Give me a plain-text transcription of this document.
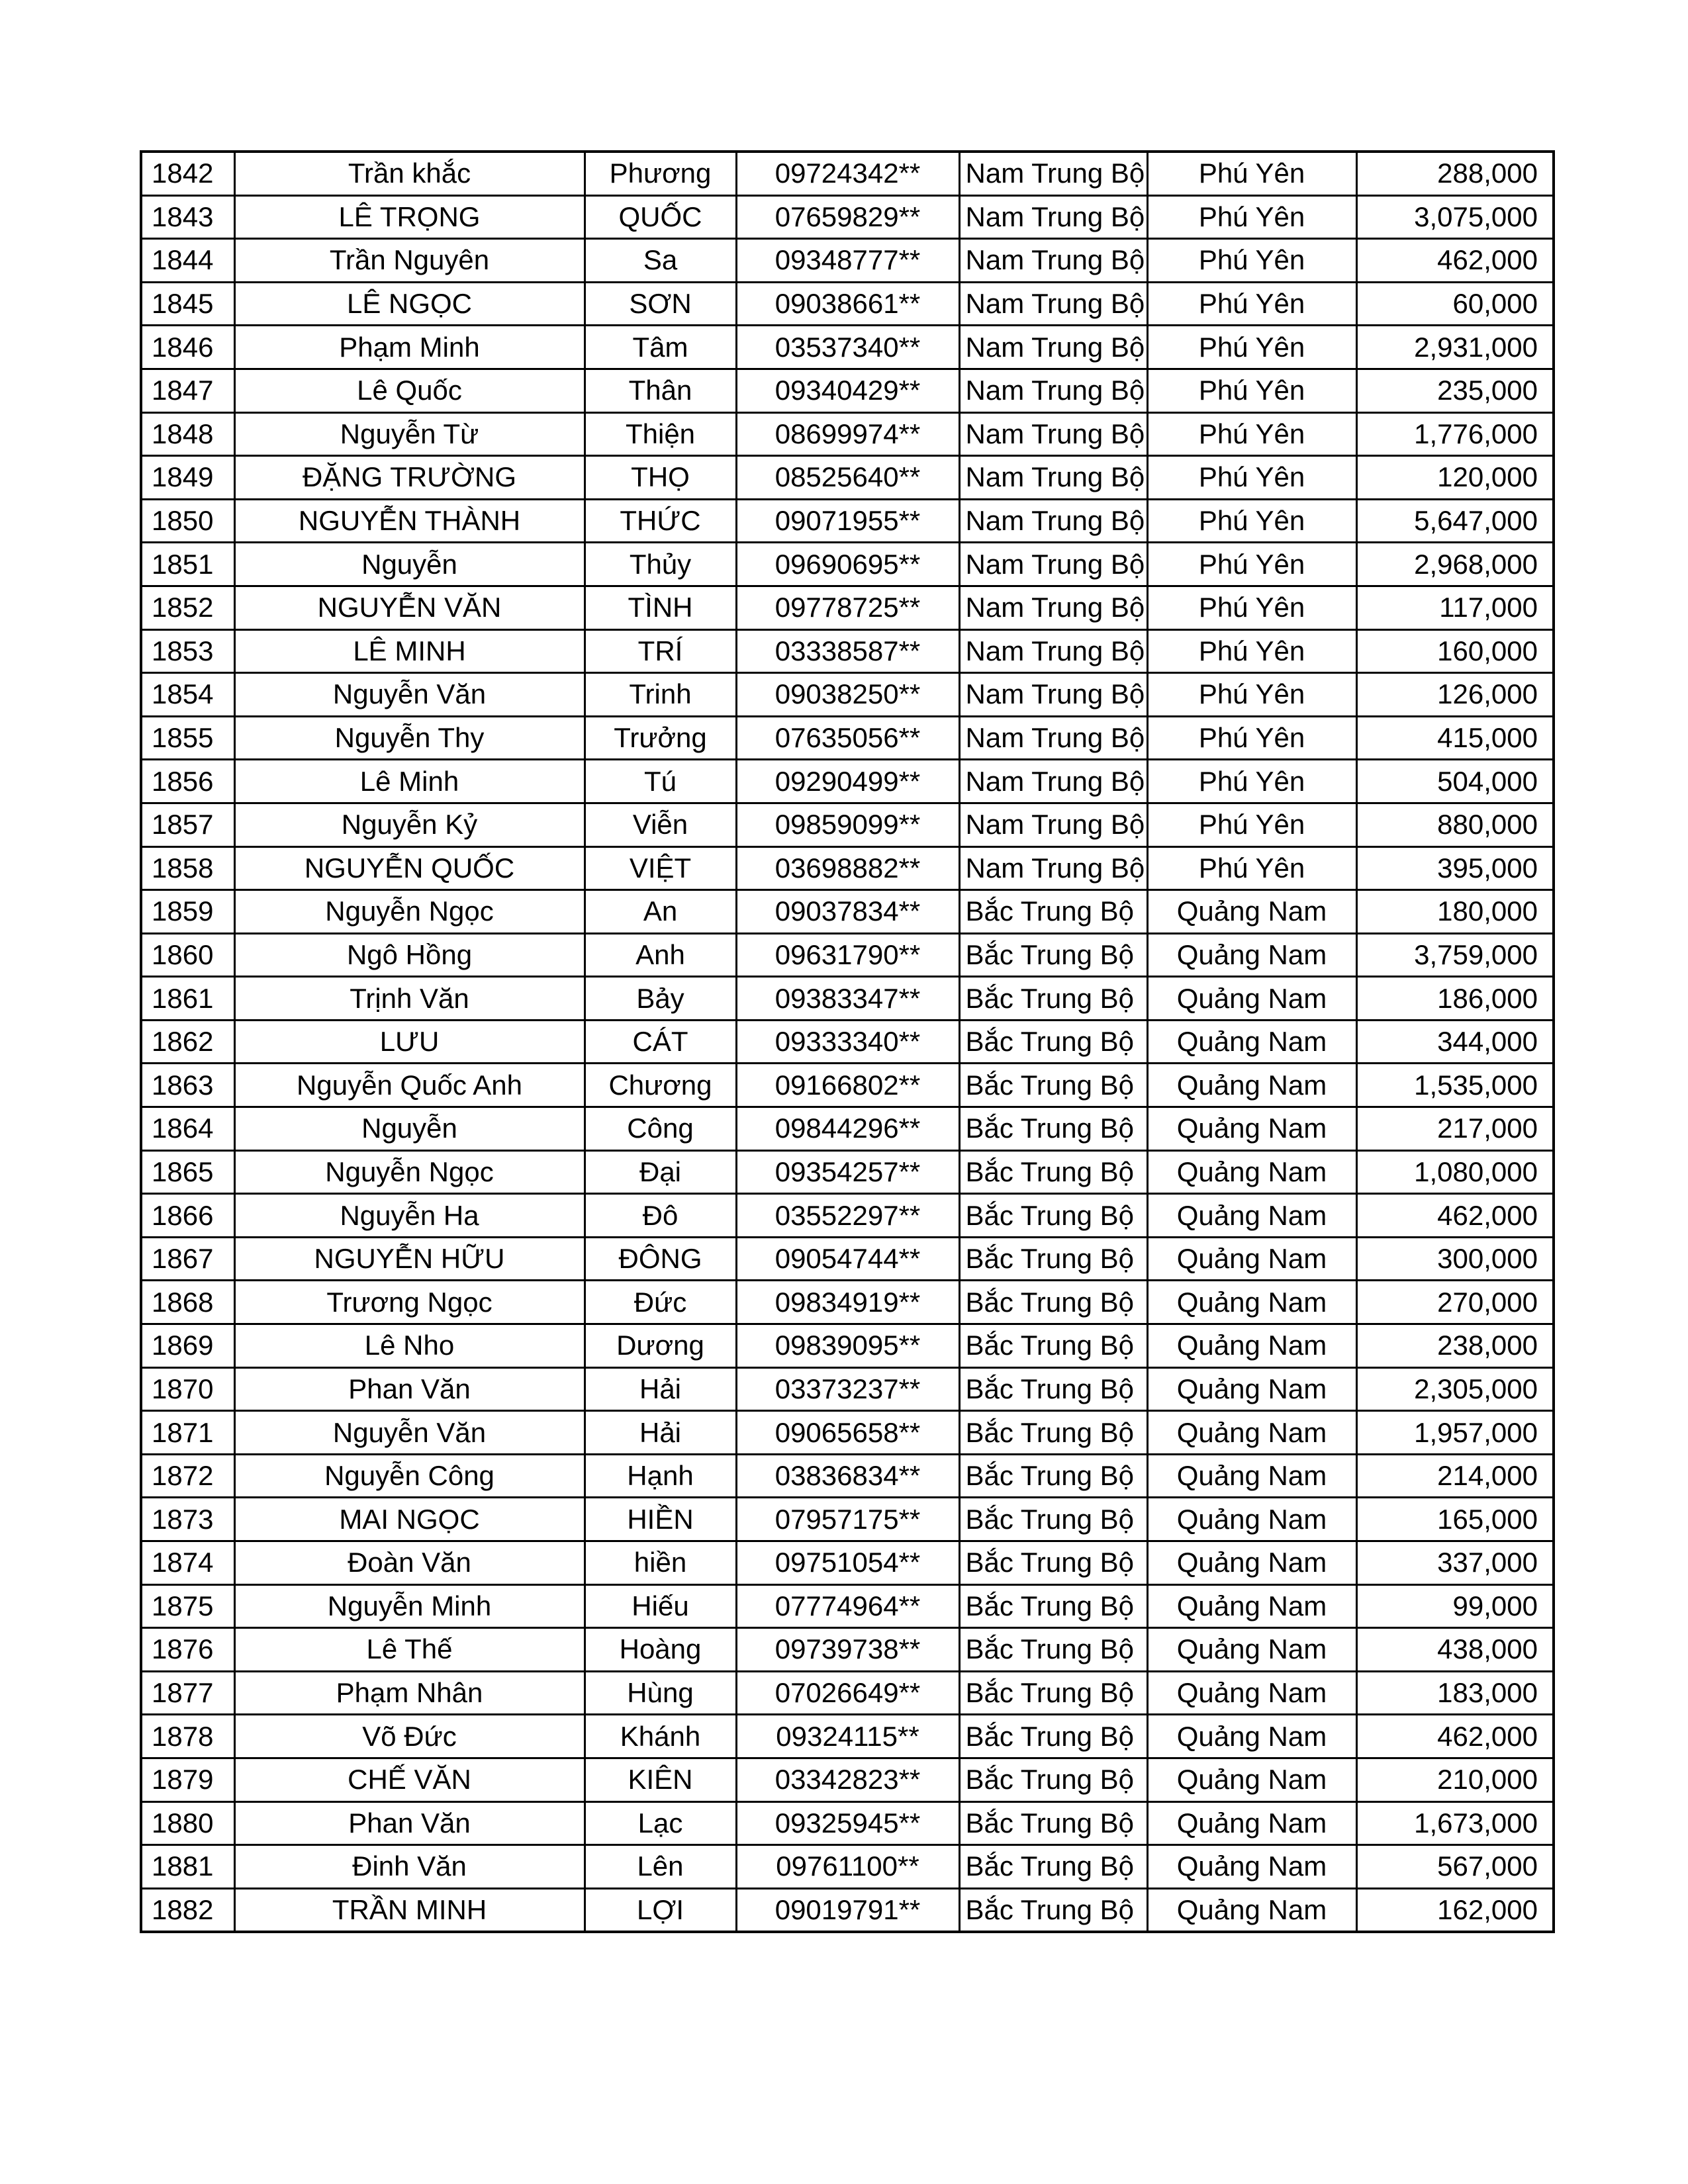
1842	Trần khắc	Phương	09724342**	Nam Trung Bộ	Phú Yên	288,000
1843	LÊ TRỌNG	QUỐC	07659829**	Nam Trung Bộ	Phú Yên	3,075,000
1844	Trần Nguyên	Sa	09348777**	Nam Trung Bộ	Phú Yên	462,000
1845	LÊ NGỌC	SƠN	09038661**	Nam Trung Bộ	Phú Yên	60,000
1846	Phạm Minh	Tâm	03537340**	Nam Trung Bộ	Phú Yên	2,931,000
1847	Lê Quốc	Thân	09340429**	Nam Trung Bộ	Phú Yên	235,000
1848	Nguyễn Từ	Thiện	08699974**	Nam Trung Bộ	Phú Yên	1,776,000
1849	ĐẶNG TRƯỜNG	THỌ	08525640**	Nam Trung Bộ	Phú Yên	120,000
1850	NGUYỄN THÀNH	THỨC	09071955**	Nam Trung Bộ	Phú Yên	5,647,000
1851	Nguyễn	Thủy	09690695**	Nam Trung Bộ	Phú Yên	2,968,000
1852	NGUYỄN VĂN	TÌNH	09778725**	Nam Trung Bộ	Phú Yên	117,000
1853	LÊ MINH	TRÍ	03338587**	Nam Trung Bộ	Phú Yên	160,000
1854	Nguyễn Văn	Trinh	09038250**	Nam Trung Bộ	Phú Yên	126,000
1855	Nguyễn Thy	Trưởng	07635056**	Nam Trung Bộ	Phú Yên	415,000
1856	Lê Minh	Tú	09290499**	Nam Trung Bộ	Phú Yên	504,000
1857	Nguyễn Kỷ	Viễn	09859099**	Nam Trung Bộ	Phú Yên	880,000
1858	NGUYỄN QUỐC	VIỆT	03698882**	Nam Trung Bộ	Phú Yên	395,000
1859	Nguyễn Ngọc	An	09037834**	Bắc Trung Bộ	Quảng Nam	180,000
1860	Ngô Hồng	Anh	09631790**	Bắc Trung Bộ	Quảng Nam	3,759,000
1861	Trịnh Văn	Bảy	09383347**	Bắc Trung Bộ	Quảng Nam	186,000
1862	LƯU	CÁT	09333340**	Bắc Trung Bộ	Quảng Nam	344,000
1863	Nguyễn Quốc Anh	Chương	09166802**	Bắc Trung Bộ	Quảng Nam	1,535,000
1864	Nguyễn	Công	09844296**	Bắc Trung Bộ	Quảng Nam	217,000
1865	Nguyễn Ngọc	Đại	09354257**	Bắc Trung Bộ	Quảng Nam	1,080,000
1866	Nguyễn Ha	Đô	03552297**	Bắc Trung Bộ	Quảng Nam	462,000
1867	NGUYỄN HỮU	ĐÔNG	09054744**	Bắc Trung Bộ	Quảng Nam	300,000
1868	Trương Ngọc	Đức	09834919**	Bắc Trung Bộ	Quảng Nam	270,000
1869	Lê Nho	Dương	09839095**	Bắc Trung Bộ	Quảng Nam	238,000
1870	Phan Văn	Hải	03373237**	Bắc Trung Bộ	Quảng Nam	2,305,000
1871	Nguyễn Văn	Hải	09065658**	Bắc Trung Bộ	Quảng Nam	1,957,000
1872	Nguyễn Công	Hạnh	03836834**	Bắc Trung Bộ	Quảng Nam	214,000
1873	MAI NGỌC	HIỀN	07957175**	Bắc Trung Bộ	Quảng Nam	165,000
1874	Đoàn Văn	hiền	09751054**	Bắc Trung Bộ	Quảng Nam	337,000
1875	Nguyễn Minh	Hiếu	07774964**	Bắc Trung Bộ	Quảng Nam	99,000
1876	Lê Thế	Hoàng	09739738**	Bắc Trung Bộ	Quảng Nam	438,000
1877	Phạm Nhân	Hùng	07026649**	Bắc Trung Bộ	Quảng Nam	183,000
1878	Võ Đức	Khánh	09324115**	Bắc Trung Bộ	Quảng Nam	462,000
1879	CHẾ VĂN	KIÊN	03342823**	Bắc Trung Bộ	Quảng Nam	210,000
1880	Phan Văn	Lạc	09325945**	Bắc Trung Bộ	Quảng Nam	1,673,000
1881	Đinh Văn	Lên	09761100**	Bắc Trung Bộ	Quảng Nam	567,000
1882	TRẦN MINH	LỢI	09019791**	Bắc Trung Bộ	Quảng Nam	162,000
